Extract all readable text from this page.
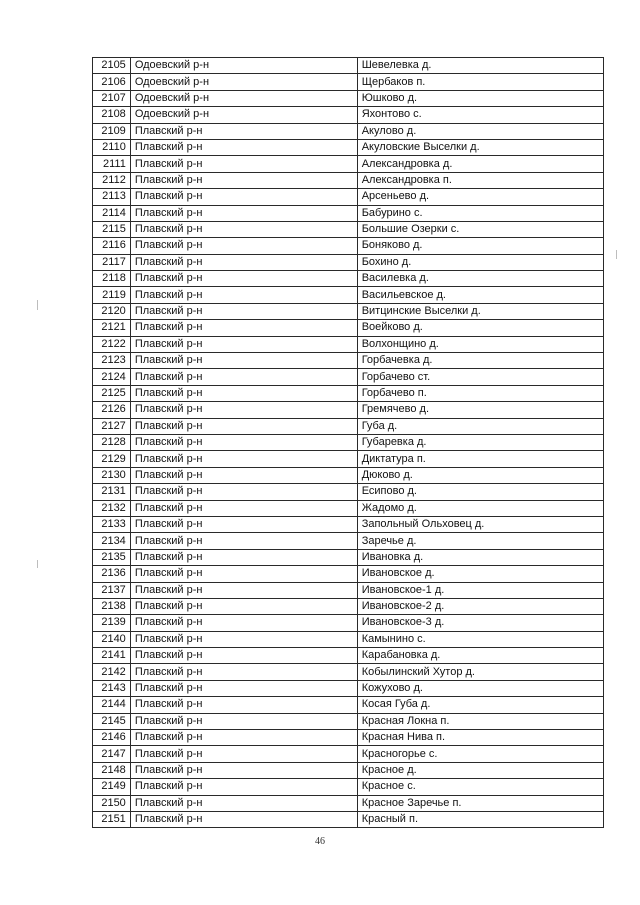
2105	Одоевский р-н	Шевелевка д.
2106	Одоевский р-н	Щербаков п.
2107	Одоевский р-н	Юшково д.
2108	Одоевский р-н	Яхонтово с.
2109	Плавский р-н	Акулово д.
2110	Плавский р-н	Акуловские Выселки д.
2111	Плавский р-н	Александровка д.
2112	Плавский р-н	Александровка п.
2113	Плавский р-н	Арсеньево д.
2114	Плавский р-н	Бабурино с.
2115	Плавский р-н	Большие Озерки с.
2116	Плавский р-н	Боняково д.
2117	Плавский р-н	Бохино д.
2118	Плавский р-н	Василевка д.
2119	Плавский р-н	Васильевское д.
2120	Плавский р-н	Витцинские Выселки д.
2121	Плавский р-н	Воейково д.
2122	Плавский р-н	Волхонщино д.
2123	Плавский р-н	Горбачевка д.
2124	Плавский р-н	Горбачево ст.
2125	Плавский р-н	Горбачево п.
2126	Плавский р-н	Гремячево д.
2127	Плавский р-н	Губа д.
2128	Плавский р-н	Губаревка д.
2129	Плавский р-н	Диктатура п.
2130	Плавский р-н	Дюково д.
2131	Плавский р-н	Есипово д.
2132	Плавский р-н	Жадомо д.
2133	Плавский р-н	Запольный Ольховец д.
2134	Плавский р-н	Заречье д.
2135	Плавский р-н	Ивановка д.
2136	Плавский р-н	Ивановское д.
2137	Плавский р-н	Ивановское-1 д.
2138	Плавский р-н	Ивановское-2 д.
2139	Плавский р-н	Ивановское-3 д.
2140	Плавский р-н	Камынино с.
2141	Плавский р-н	Карабановка д.
2142	Плавский р-н	Кобылинский Хутор д.
2143	Плавский р-н	Кожухово д.
2144	Плавский р-н	Косая Губа д.
2145	Плавский р-н	Красная Локна п.
2146	Плавский р-н	Красная Нива п.
2147	Плавский р-н	Красногорье с.
2148	Плавский р-н	Красное д.
2149	Плавский р-н	Красное с.
2150	Плавский р-н	Красное Заречье п.
2151	Плавский р-н	Красный п.
46
